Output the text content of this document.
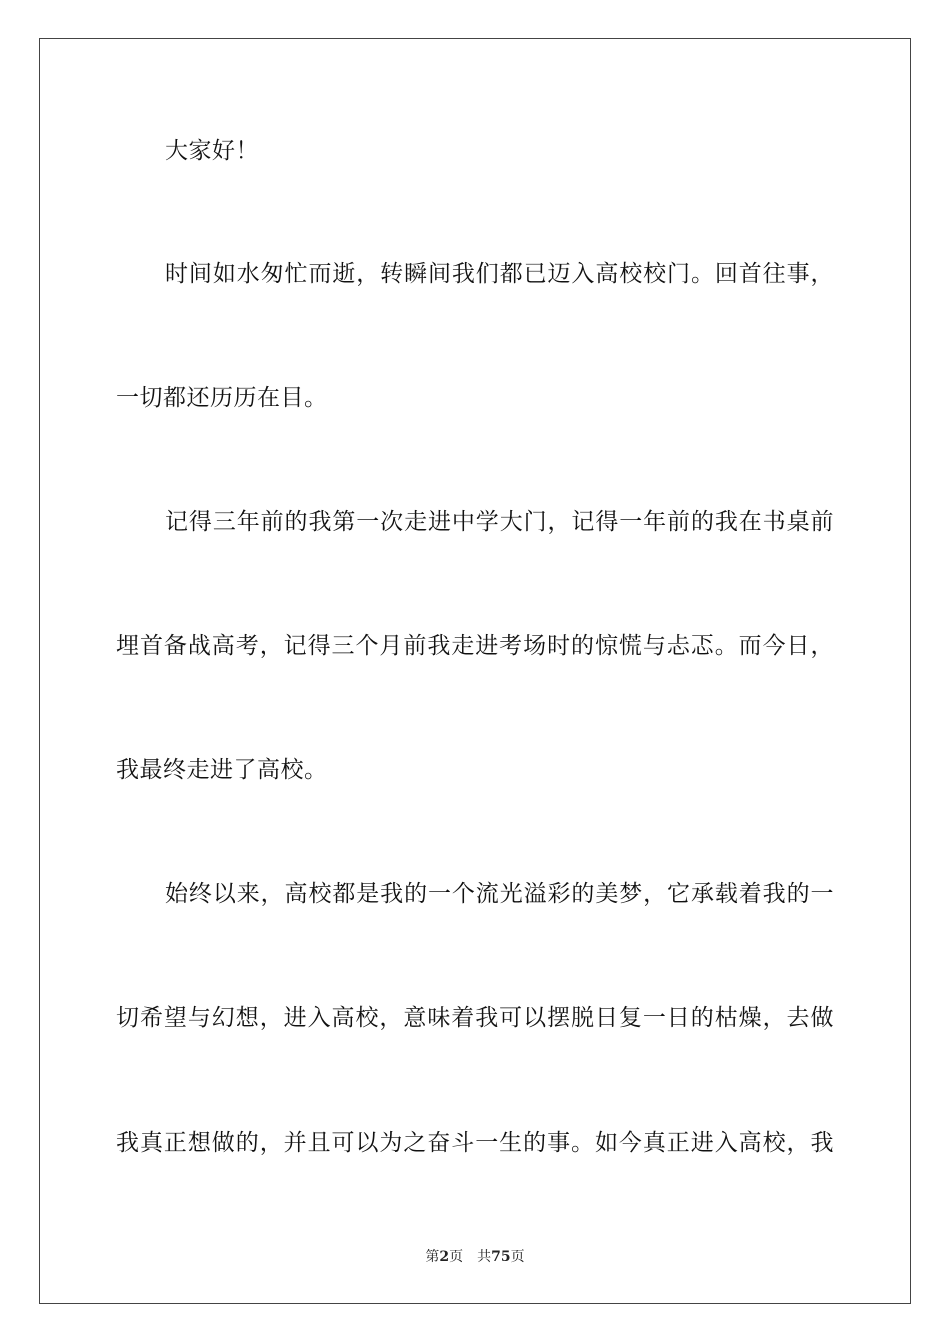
大家好！
时间如水匆忙而逝，转瞬间我们都已迈入高校校门。回首往事，
一切都还历历在目。
记得三年前的我第一次走进中学大门，记得一年前的我在书桌前
埋首备战高考，记得三个月前我走进考场时的惊慌与忐忑。而今日，
我最终走进了高校。
始终以来，高校都是我的一个流光溢彩的美梦，它承载着我的一
切希望与幻想，进入高校，意味着我可以摆脱日复一日的枯燥，去做
我真正想做的，并且可以为之奋斗一生的事。如今真正进入高校，我
第2页 共75页
